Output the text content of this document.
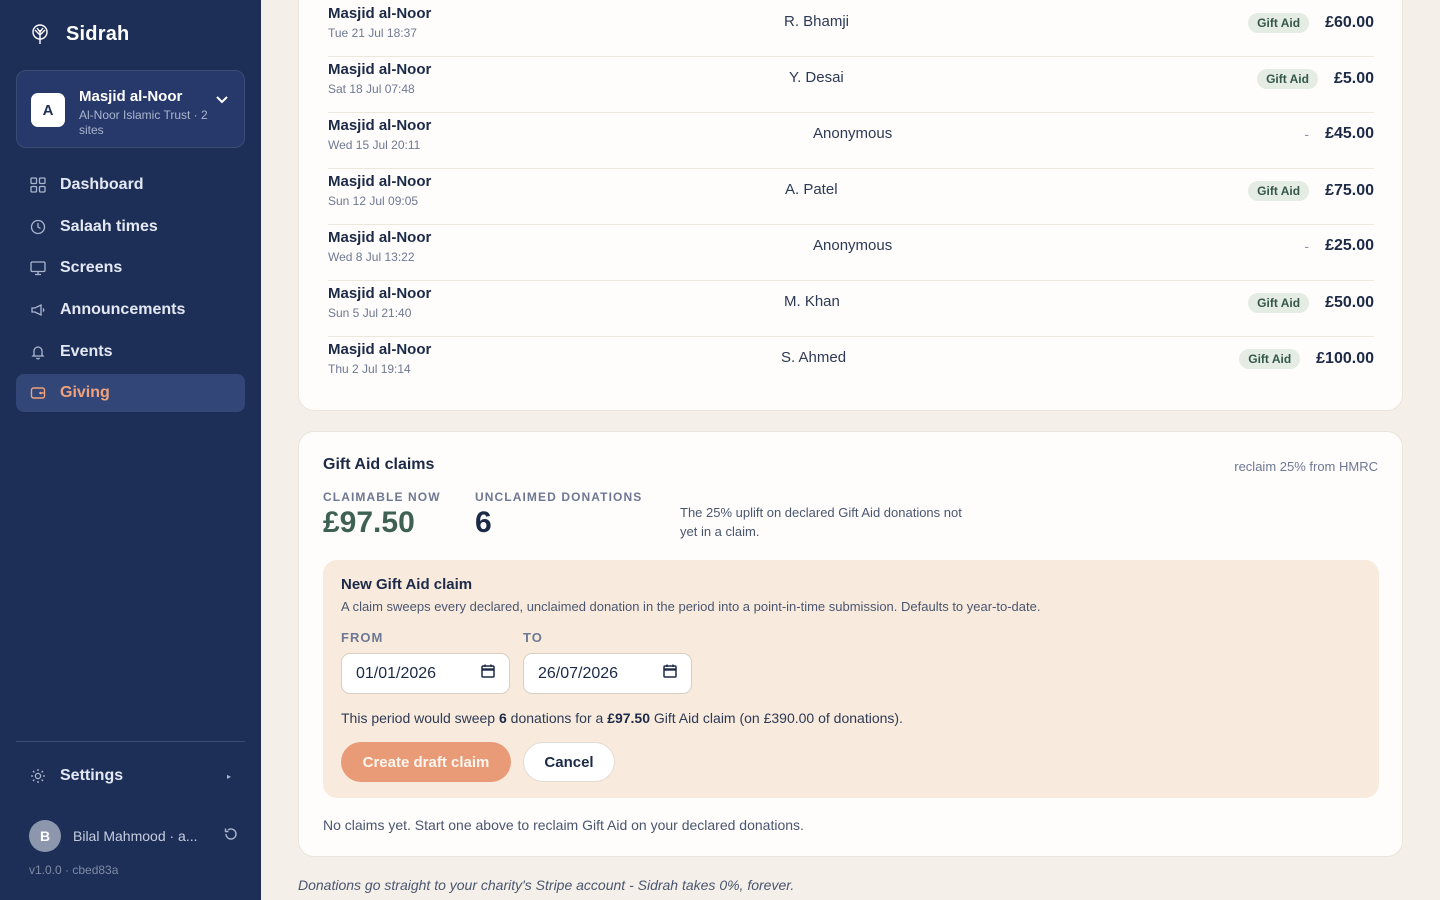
Sidrah
A
Masjid al-Noor
Al-Noor Islamic Trust · 2 sites
Dashboard
Salaah times
Screens
Announcements
Events
Giving
Settings	▸
B	Bilal Mahmood · a...
v1.0.0 · cbed83a
Masjid al-Noor
Tue 21 Jul 18:37
R. Bhamji	Gift Aid	£60.00
Masjid al-Noor
Sat 18 Jul 07:48
Y. Desai	Gift Aid	£5.00
Masjid al-Noor
Wed 15 Jul 20:11
Anonymous	- £45.00
Masjid al-Noor
Sun 12 Jul 09:05
A. Patel	Gift Aid	£75.00
Masjid al-Noor
Wed 8 Jul 13:22
Anonymous	- £25.00
Masjid al-Noor
Sun 5 Jul 21:40
M. Khan	Gift Aid	£50.00
Masjid al-Noor
Thu 2 Jul 19:14
S. Ahmed	Gift Aid	£100.00
Gift Aid claims	reclaim 25% from HMRC
CLAIMABLE NOW
£97.50
UNCLAIMED DONATIONS
6	The 25% uplift on declared Gift Aid donations not yet in a claim.

New Gift Aid claim
A claim sweeps every declared, unclaimed donation in the period into a point-in-time submission. Defaults to year-to-date.
FROM
01/01/2026
TO
26/07/2026

This period would sweep 6 donations for a £97.50 Gift Aid claim (on £390.00 of donations).

Create draft claim	Cancel

No claims yet. Start one above to reclaim Gift Aid on your declared donations.

Donations go straight to your charity's Stripe account - Sidrah takes 0%, forever.
